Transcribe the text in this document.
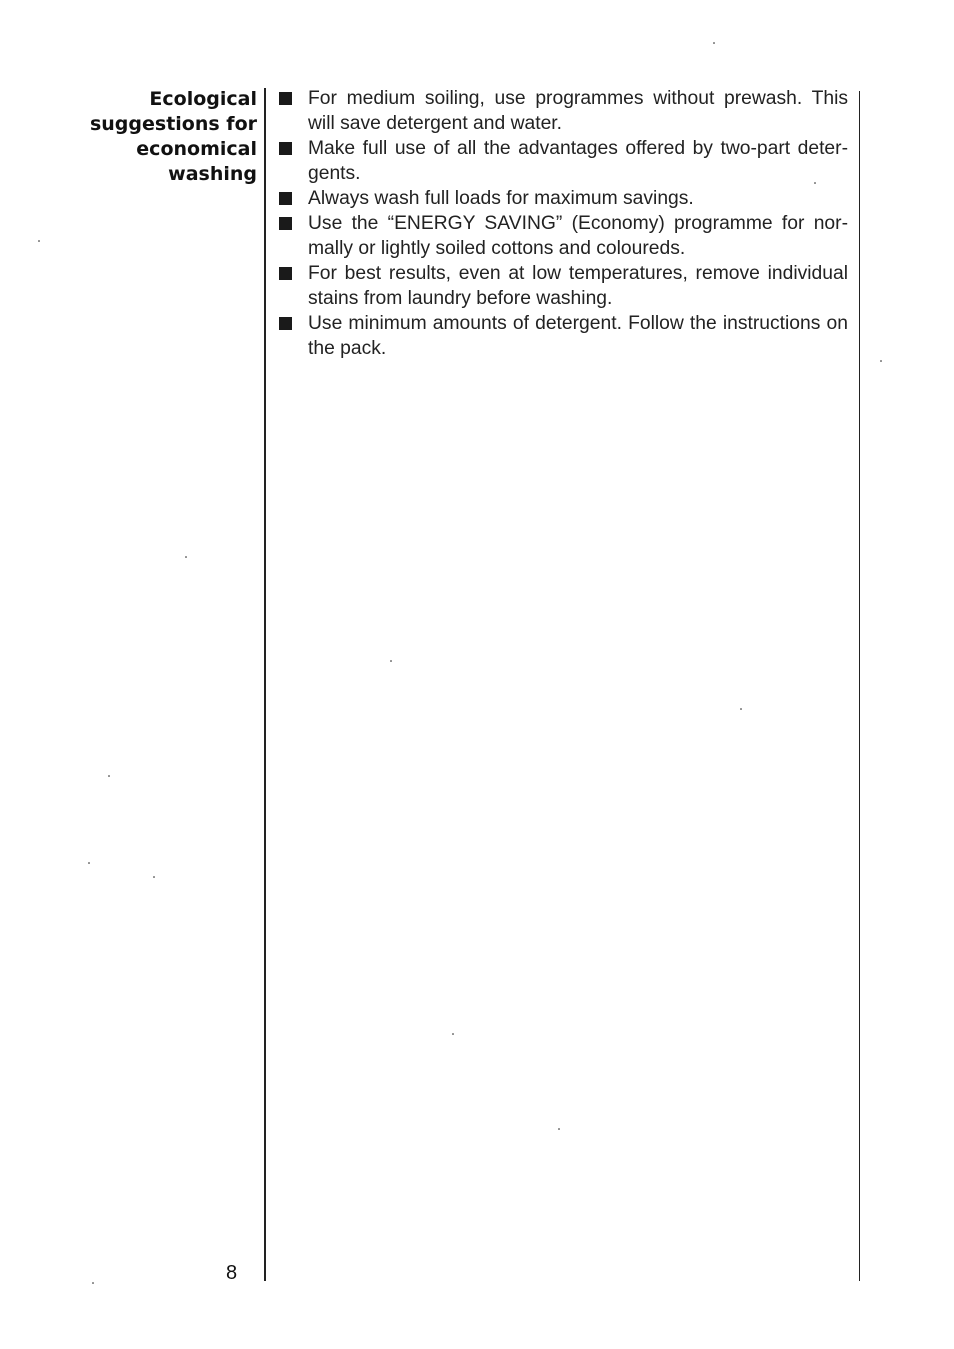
Ecological
suggestions for
economical
washing
For medium soiling, use programmes without prewash. This will save detergent and water.
Make full use of all the advantages offered by two-part deter-gents.
Always wash full loads for maximum savings.
Use the “ENERGY SAVING” (Economy) programme for nor-mally or lightly soiled cottons and coloureds.
For best results, even at low temperatures, remove individual stains from laundry before washing.
Use minimum amounts of detergent. Follow the instructions on the pack.
8
